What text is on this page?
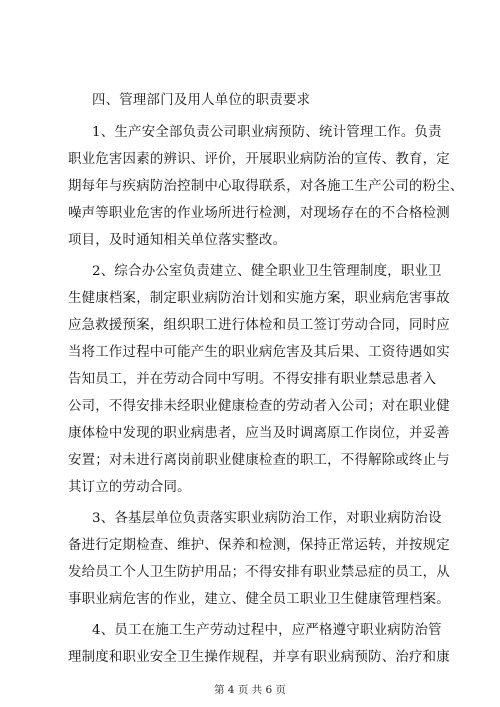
四、管理部门及用人单位的职责要求
1、生产安全部负责公司职业病预防、统计管理工作。负责
职业危害因素的辨识、评价，开展职业病防治的宣传、教育，定
期每年与疾病防治控制中心取得联系，对各施工生产公司的粉尘、
噪声等职业危害的作业场所进行检测，对现场存在的不合格检测
项目，及时通知相关单位落实整改。
2、综合办公室负责建立、健全职业卫生管理制度，职业卫
生健康档案，制定职业病防治计划和实施方案，职业病危害事故
应急救援预案，组织职工进行体检和员工签订劳动合同，同时应
当将工作过程中可能产生的职业病危害及其后果、工资待遇如实
告知员工，并在劳动合同中写明。不得安排有职业禁忌患者入
公司，不得安排未经职业健康检查的劳动者入公司；对在职业健
康体检中发现的职业病患者，应当及时调离原工作岗位，并妥善
安置；对未进行离岗前职业健康检查的职工，不得解除或终止与
其订立的劳动合同。
3、各基层单位负责落实职业病防治工作，对职业病防治设
备进行定期检查、维护、保养和检测，保持正常运转，并按规定
发给员工个人卫生防护用品；不得安排有职业禁忌症的员工，从
事职业病危害的作业，建立、健全员工职业卫生健康管理档案。
4、员工在施工生产劳动过程中，应严格遵守职业病防治管
理制度和职业安全卫生操作规程，并享有职业病预防、治疗和康
第 4 页 共 6 页
